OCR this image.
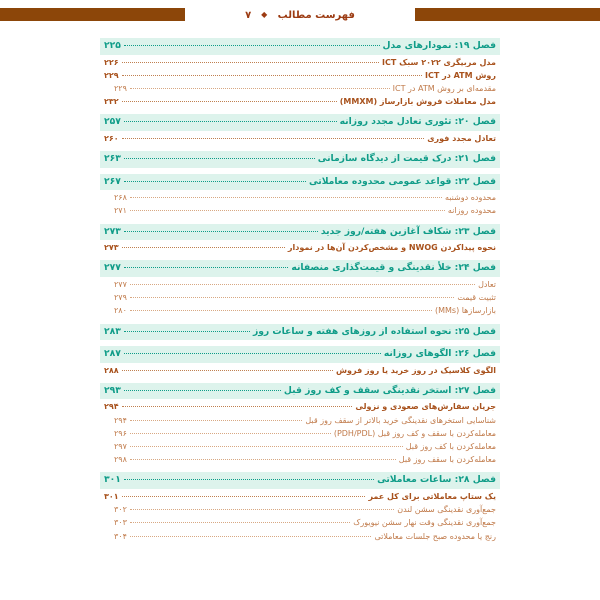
فهرست مطالب
◆
۷
فصل ۱۹: نمودارهای مدل
۲۲۵
مدل مربیگری ۲۰۲۲ سبک ICT
۲۲۶
روش ATM در ICT
۲۲۹
مقدمه‌ای بر روش ATM در ICT
۲۲۹
مدل معاملات فروش بازارساز (MMXM)
۲۳۲
فصل ۲۰: تئوری تعادل مجدد روزانه
۲۵۷
تعادل مجدد فوری
۲۶۰
فصل ۲۱: درک قیمت از دیدگاه سازمانی
۲۶۳
فصل ۲۲: قواعد عمومی محدوده معاملاتی
۲۶۷
محدوده دوشنبه
۲۶۸
محدوده روزانه
۲۷۱
فصل ۲۳: شکاف آغازین هفته/روز جدید
۲۷۳
نحوه پیداکردن NWOG و مشخص‌کردن آن‌ها در نمودار
۲۷۳
فصل ۲۴: خلأ نقدینگی و قیمت‌گذاری منصفانه
۲۷۷
تعادل
۲۷۷
تثبیت قیمت
۲۷۹
بازارسازها (MMs)
۲۸۰
فصل ۲۵: نحوه استفاده از روزهای هفته و ساعات روز
۲۸۳
فصل ۲۶: الگوهای روزانه
۲۸۷
الگوی کلاسیک در روز خرید یا روز فروش
۲۸۸
فصل ۲۷: استخر نقدینگی سقف و کف روز قبل
۲۹۳
جریان سفارش‌های صعودی و نزولی
۲۹۴
شناسایی استخرهای نقدینگی خرید بالاتر از سقف روز قبل
۲۹۴
معامله‌کردن با سقف و کف روز قبل (PDH/PDL)
۲۹۶
معامله‌کردن با کف روز قبل
۲۹۷
معامله‌کردن با سقف روز قبل
۲۹۸
فصل ۲۸: ساعات معاملاتی
۳۰۱
یک ستاپ معاملاتی برای کل عمر
۳۰۱
جمع‌آوری نقدینگی سشن لندن
۳۰۲
جمع‌آوری نقدینگی وقت نهار سشن نیویورک
۳۰۳
رنج یا محدوده صبح جلسات معاملاتی
۳۰۴
